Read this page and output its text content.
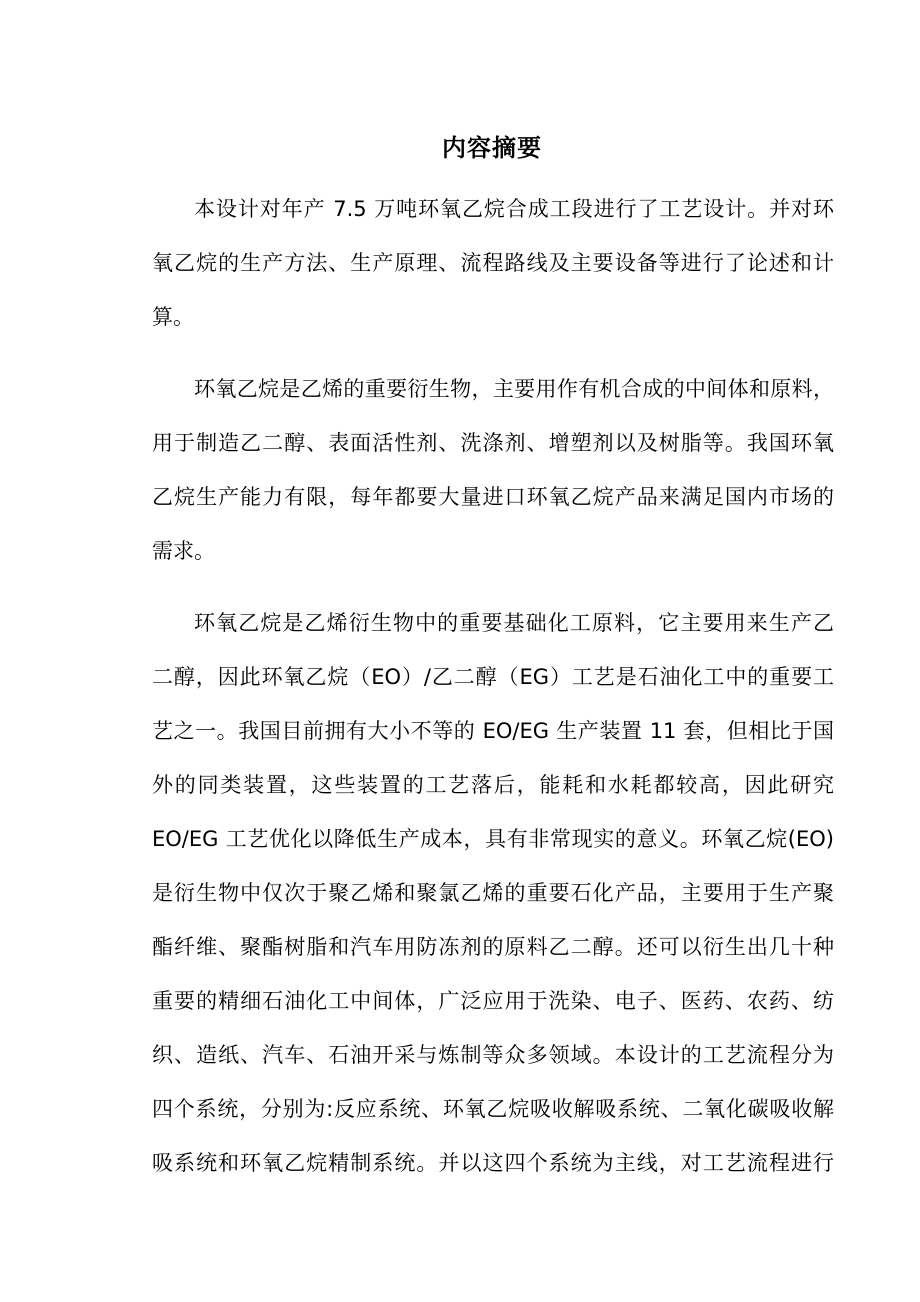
内容摘要
本设计对年产 7.5 万吨环氧乙烷合成工段进行了工艺设计。并对环
氧乙烷的生产方法、生产原理、流程路线及主要设备等进行了论述和计
算。
环氧乙烷是乙烯的重要衍生物，主要用作有机合成的中间体和原料，
用于制造乙二醇、表面活性剂、洗涤剂、增塑剂以及树脂等。我国环氧
乙烷生产能力有限，每年都要大量进口环氧乙烷产品来满足国内市场的
需求。
环氧乙烷是乙烯衍生物中的重要基础化工原料，它主要用来生产乙
二醇，因此环氧乙烷（EO）/乙二醇（EG）工艺是石油化工中的重要工
艺之一。我国目前拥有大小不等的 EO/EG 生产装置 11 套，但相比于国
外的同类装置，这些装置的工艺落后，能耗和水耗都较高，因此研究
EO/EG 工艺优化以降低生产成本，具有非常现实的意义。环氧乙烷(EO)
是衍生物中仅次于聚乙烯和聚氯乙烯的重要石化产品，主要用于生产聚
酯纤维、聚酯树脂和汽车用防冻剂的原料乙二醇。还可以衍生出几十种
重要的精细石油化工中间体，广泛应用于洗染、电子、医药、农药、纺
织、造纸、汽车、石油开采与炼制等众多领域。本设计的工艺流程分为
四个系统，分别为:反应系统、环氧乙烷吸收解吸系统、二氧化碳吸收解
吸系统和环氧乙烷精制系统。并以这四个系统为主线，对工艺流程进行
